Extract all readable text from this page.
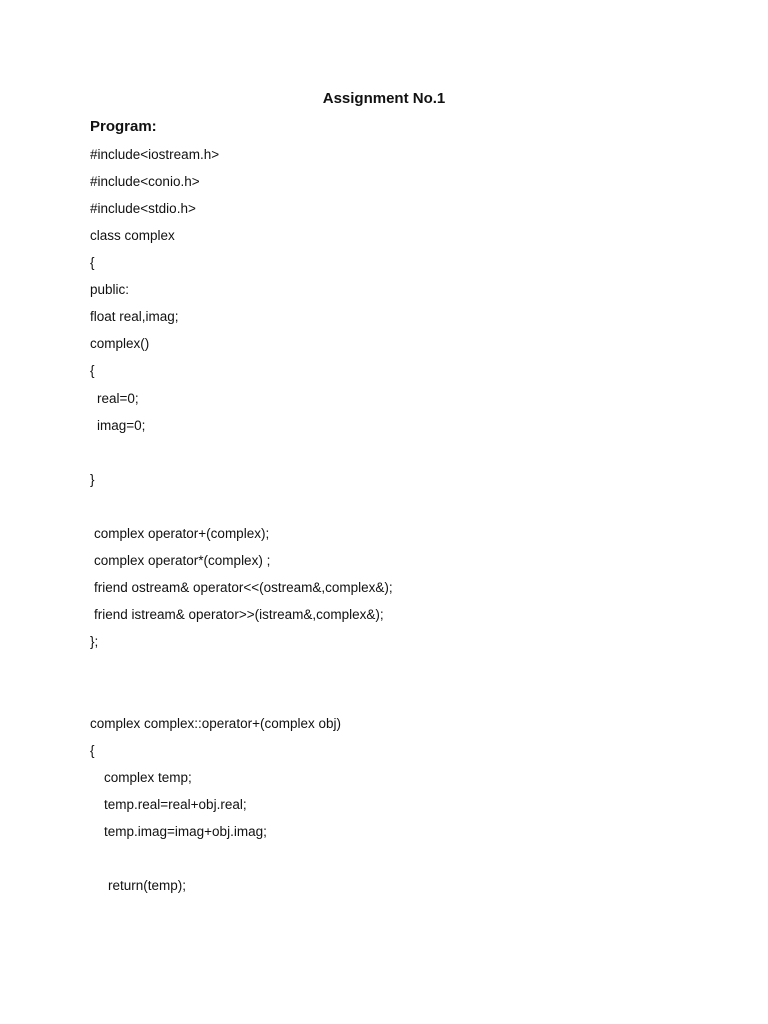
Assignment No.1
Program:
#include<iostream.h>
#include<conio.h>
#include<stdio.h>
class complex
{
public:
float real,imag;
complex()
{
real=0;
imag=0;
}
complex operator+(complex);
complex operator*(complex) ;
friend ostream& operator<<(ostream&,complex&);
friend istream& operator>>(istream&,complex&);
};
complex complex::operator+(complex obj)
{
complex temp;
temp.real=real+obj.real;
temp.imag=imag+obj.imag;
return(temp);
